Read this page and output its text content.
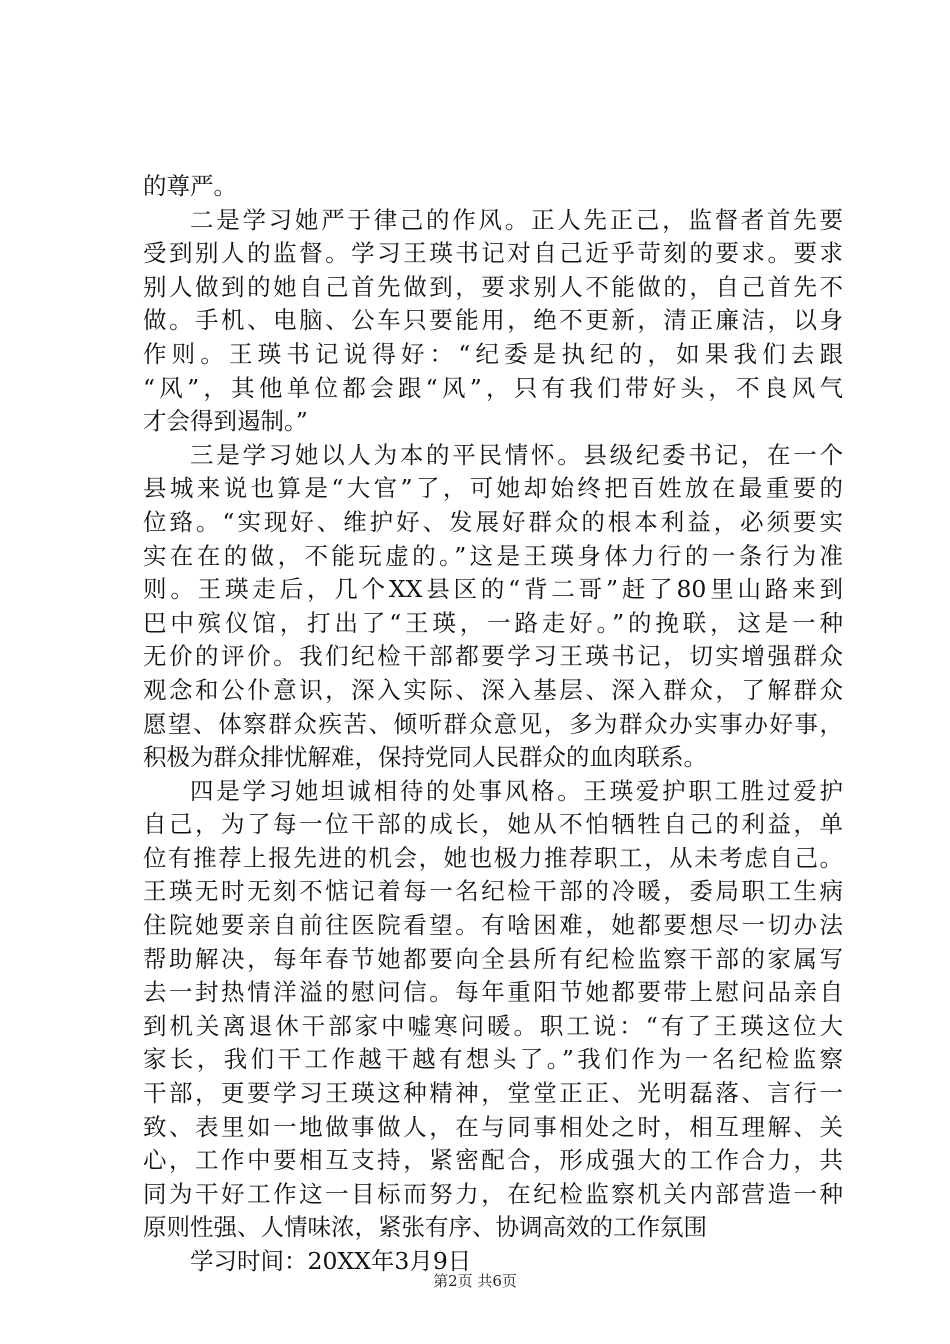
的尊严。
二是学习她严于律己的作风。正人先正己，监督者首先要
受到别人的监督。学习王瑛书记对自己近乎苛刻的要求。要求
别人做到的她自己首先做到，要求别人不能做的，自己首先不
做。手机、电脑、公车只要能用，绝不更新，清正廉洁，以身
作则。王瑛书记说得好：“纪委是执纪的，如果我们去跟
“风”，其他单位都会跟“风”，只有我们带好头，不良风气
才会得到遏制。”
三是学习她以人为本的平民情怀。县级纪委书记，在一个
县城来说也算是“大官”了，可她却始终把百姓放在最重要的
位臵。“实现好、维护好、发展好群众的根本利益，必须要实
实在在的做，不能玩虚的。”这是王瑛身体力行的一条行为准
则。王瑛走后，几个XX县区的“背二哥”赶了80里山路来到
巴中殡仪馆，打出了“王瑛，一路走好。”的挽联，这是一种
无价的评价。我们纪检干部都要学习王瑛书记，切实增强群众
观念和公仆意识，深入实际、深入基层、深入群众，了解群众
愿望、体察群众疾苦、倾听群众意见，多为群众办实事办好事，
积极为群众排忧解难，保持党同人民群众的血肉联系。
四是学习她坦诚相待的处事风格。王瑛爱护职工胜过爱护
自己，为了每一位干部的成长，她从不怕牺牲自己的利益，单
位有推荐上报先进的机会，她也极力推荐职工，从未考虑自己。
王瑛无时无刻不惦记着每一名纪检干部的冷暖，委局职工生病
住院她要亲自前往医院看望。有啥困难，她都要想尽一切办法
帮助解决，每年春节她都要向全县所有纪检监察干部的家属写
去一封热情洋溢的慰问信。每年重阳节她都要带上慰问品亲自
到机关离退休干部家中嘘寒问暖。职工说：“有了王瑛这位大
家长，我们干工作越干越有想头了。”我们作为一名纪检监察
干部，更要学习王瑛这种精神，堂堂正正、光明磊落、言行一
致、表里如一地做事做人，在与同事相处之时，相互理解、关
心，工作中要相互支持，紧密配合，形成强大的工作合力，共
同为干好工作这一目标而努力，在纪检监察机关内部营造一种
原则性强、人情味浓，紧张有序、协调高效的工作氛围
学习时间：20XX年3月9日
第2页 共6页
